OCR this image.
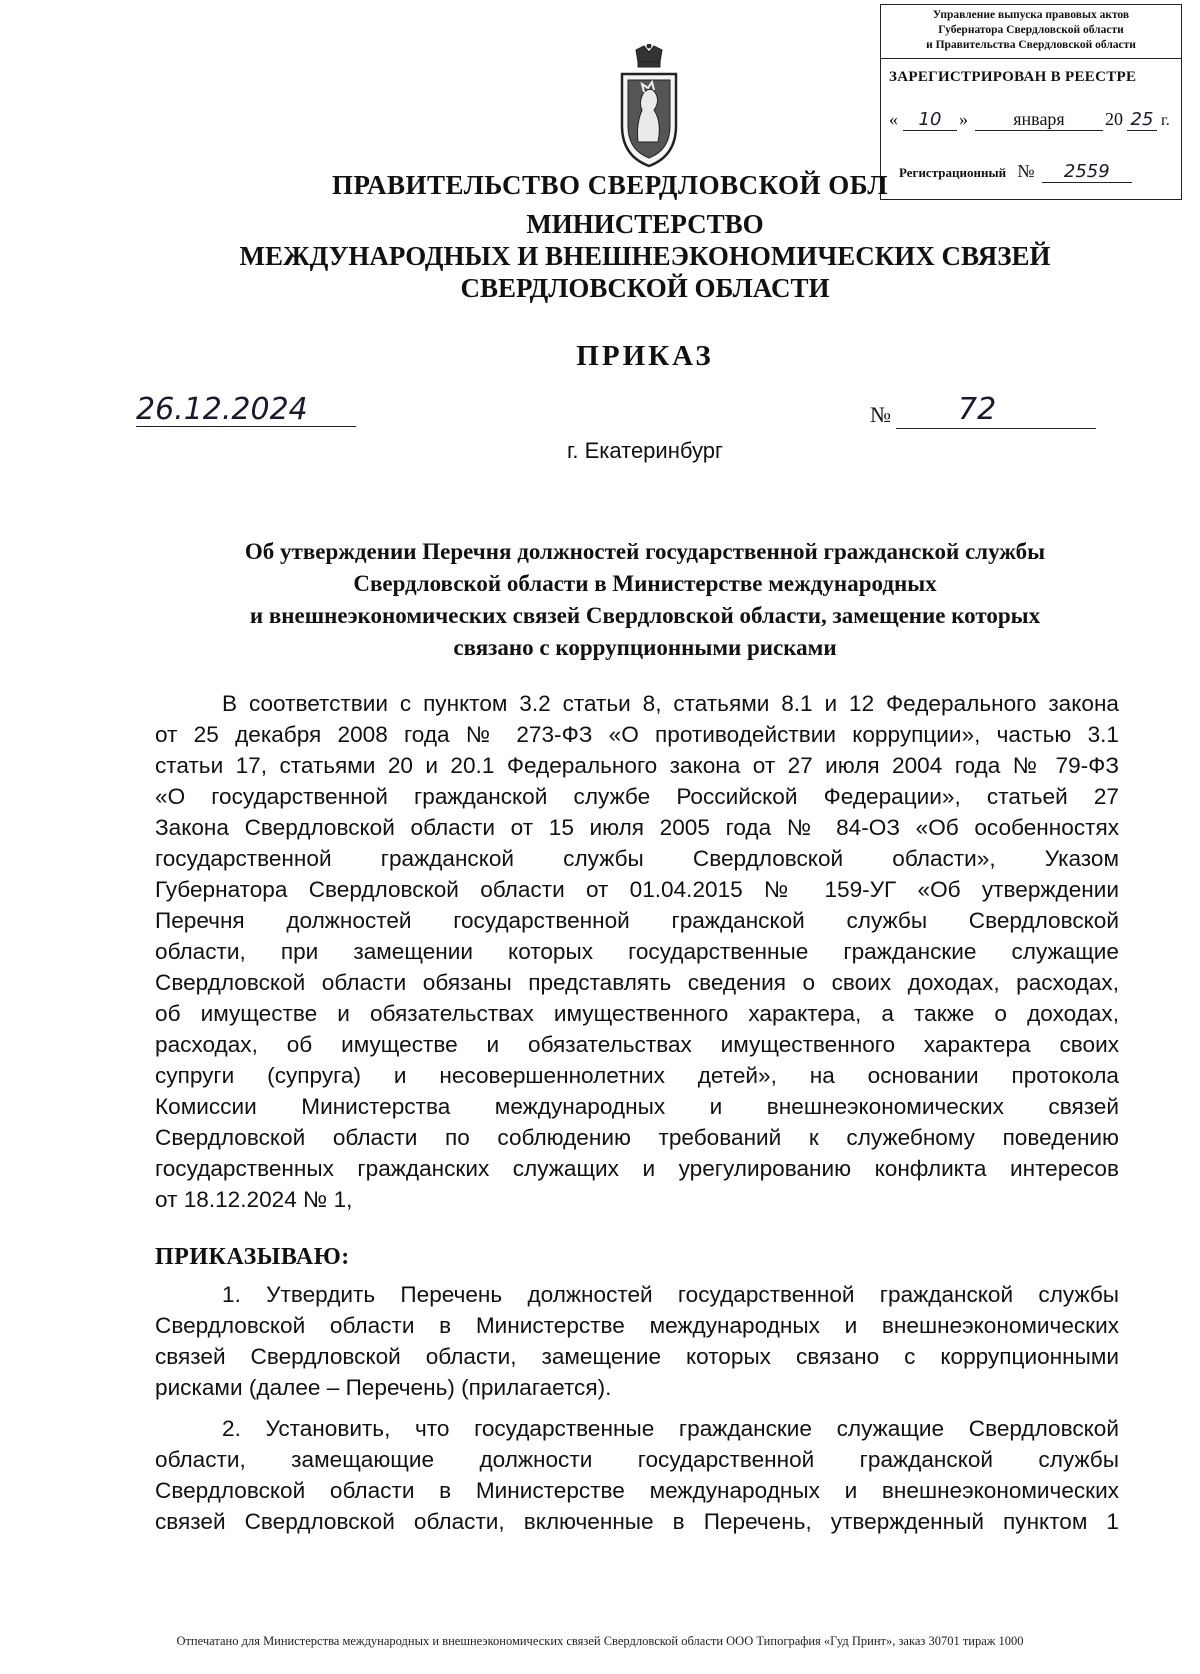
Управление выпуска правовых актов
Губернатора Свердловской области
и Правительства Свердловской области
ЗАРЕГИСТРИРОВАН В РЕЕСТРЕ
«	10 »	января	20 25 г.
Регистрационный № 2559
ПРАВИТЕЛЬСТВО СВЕРДЛОВСКОЙ ОБЛ
МИНИСТЕРСТВО
МЕЖДУНАРОДНЫХ И ВНЕШНЕЭКОНОМИЧЕСКИХ СВЯЗЕЙ
СВЕРДЛОВСКОЙ ОБЛАСТИ
ПРИКАЗ
26.12.2024	№	72
г. Екатеринбург
Об утверждении Перечня должностей государственной гражданской службы
Свердловской области в Министерстве международных
и внешнеэкономических связей Свердловской области, замещение которых
связано с коррупционными рисками
В соответствии с пунктом 3.2 статьи 8, статьями 8.1 и 12 Федерального закона
от 25 декабря 2008 года № 273-ФЗ «О противодействии коррупции», частью 3.1
статьи 17, статьями 20 и 20.1 Федерального закона от 27 июля 2004 года № 79-ФЗ
«О государственной гражданской службе Российской Федерации», статьей 27
Закона Свердловской области от 15 июля 2005 года № 84-ОЗ «Об особенностях
государственной гражданской службы Свердловской области», Указом
Губернатора Свердловской области от 01.04.2015 № 159-УГ «Об утверждении
Перечня должностей государственной гражданской службы Свердловской
области, при замещении которых государственные гражданские служащие
Свердловской области обязаны представлять сведения о своих доходах, расходах,
об имуществе и обязательствах имущественного характера, а также о доходах,
расходах, об имуществе и обязательствах имущественного характера своих
супруги (супруга) и несовершеннолетних детей», на основании протокола
Комиссии Министерства международных и внешнеэкономических связей
Свердловской области по соблюдению требований к служебному поведению
государственных гражданских служащих и урегулированию конфликта интересов
от 18.12.2024 № 1,
ПРИКАЗЫВАЮ:
1. Утвердить Перечень должностей государственной гражданской службы
Свердловской области в Министерстве международных и внешнеэкономических
связей Свердловской области, замещение которых связано с коррупционными
рисками (далее – Перечень) (прилагается).
2. Установить, что государственные гражданские служащие Свердловской
области, замещающие должности государственной гражданской службы
Свердловской области в Министерстве международных и внешнеэкономических
связей Свердловской области, включенные в Перечень, утвержденный пунктом 1
Отпечатано для Министерства международных и внешнеэкономических связей Свердловской области ООО Типография «Гуд Принт», заказ 30701 тираж 1000
